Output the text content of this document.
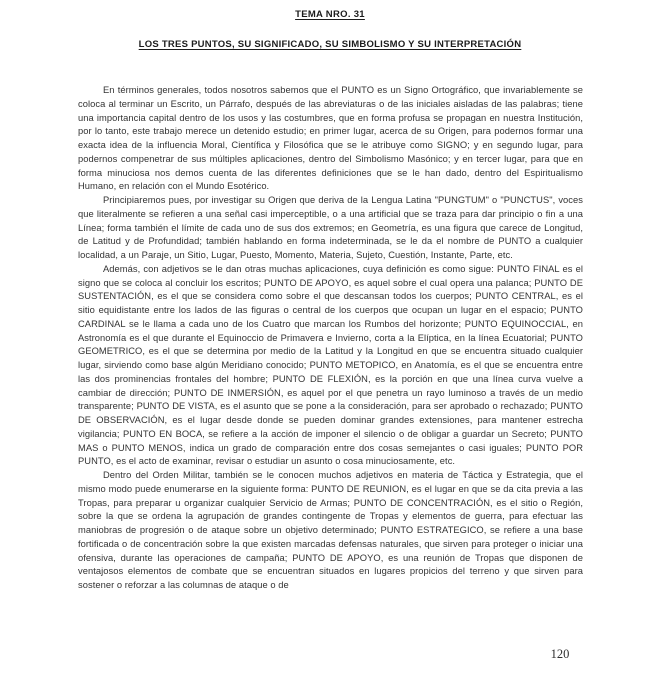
TEMA NRO. 31
LOS TRES PUNTOS, SU SIGNIFICADO, SU SIMBOLISMO Y SU INTERPRETACIÓN

En términos generales, todos nosotros sabemos que el PUNTO es un Signo Ortográfico, que invariablemente se coloca al terminar un Escrito, un Párrafo, después de las abreviaturas o de las iniciales aisladas de las palabras; tiene una importancia capital dentro de los usos y las costumbres, que en forma profusa se propagan en nuestra Institución, por lo tanto, este trabajo merece un detenido estudio; en primer lugar, acerca de su Origen, para podernos formar una exacta idea de la influencia Moral, Científica y Filosófica que se le atribuye como SIGNO; y en segundo lugar, para podernos compenetrar de sus múltiples aplicaciones, dentro del Simbolismo Masónico; y en tercer lugar, para que en forma minuciosa nos demos cuenta de las diferentes definiciones que se le han dado, dentro del Espiritualismo Humano, en relación con el Mundo Esotérico.

Principiaremos pues, por investigar su Origen que deriva de la Lengua Latina "PUNGTUM" o "PUNCTUS", voces que literalmente se refieren a una señal casi imperceptible, o a una artificial que se traza para dar principio o fin a una Línea; forma también el límite de cada uno de sus dos extremos; en Geometría, es una figura que carece de Longitud, de Latitud y de Profundidad; también hablando en forma indeterminada, se le da el nombre de PUNTO a cualquier localidad, a un Paraje, un Sitio, Lugar, Puesto, Momento, Materia, Sujeto, Cuestión, Instante, Parte, etc.

Además, con adjetivos se le dan otras muchas aplicaciones, cuya definición es como sigue: PUNTO FINAL es el signo que se coloca al concluir los escritos; PUNTO DE APOYO, es aquel sobre el cual opera una palanca; PUNTO DE SUSTENTACIÓN, es el que se considera como sobre el que descansan todos los cuerpos; PUNTO CENTRAL, es el sitio equidistante entre los lados de las figuras o central de los cuerpos que ocupan un lugar en el espacio; PUNTO CARDINAL se le llama a cada uno de los Cuatro que marcan los Rumbos del horizonte; PUNTO EQUINOCCIAL, en Astronomía es el que durante el Equinoccio de Primavera e Invierno, corta a la Elíptica, en la línea Ecuatorial; PUNTO GEOMETRICO, es el que se determina por medio de la Latitud y la Longitud en que se encuentra situado cualquier lugar, sirviendo como base algún Meridiano conocido; PUNTO METOPICO, en Anatomía, es el que se encuentra entre las dos prominencias frontales del hombre; PUNTO DE FLEXIÓN, es la porción en que una línea curva vuelve a cambiar de dirección; PUNTO DE INMERSIÓN, es aquel por el que penetra un rayo luminoso a través de un medio transparente; PUNTO DE VISTA, es el asunto que se pone a la consideración, para ser aprobado o rechazado; PUNTO DE OBSERVACIÓN, es el lugar desde donde se pueden dominar grandes extensiones, para mantener estrecha vigilancia; PUNTO EN BOCA, se refiere a la acción de imponer el silencio o de obligar a guardar un Secreto; PUNTO MAS o PUNTO MENOS, indica un grado de comparación entre dos cosas semejantes o casi iguales; PUNTO POR PUNTO, es el acto de examinar, revisar o estudiar un asunto o cosa minuciosamente, etc.

Dentro del Orden Militar, también se le conocen muchos adjetivos en materia de Táctica y Estrategia, que el mismo modo puede enumerarse en la siguiente forma: PUNTO DE REUNION, es el lugar en que se da cita previa a las Tropas, para preparar u organizar cualquier Servicio de Armas; PUNTO DE CONCENTRACIÓN, es el sitio o Región, sobre la que se ordena la agrupación de grandes contingente de Tropas y elementos de guerra, para efectuar las maniobras de progresión o de ataque sobre un objetivo determinado; PUNTO ESTRATEGICO, se refiere a una base fortificada o de concentración sobre la que existen marcadas defensas naturales, que sirven para proteger o iniciar una ofensiva, durante las operaciones de campaña; PUNTO DE APOYO, es una reunión de Tropas que disponen de ventajosos elementos de combate que se encuentran situados en lugares propicios del terreno y que sirven para sostener o reforzar a las columnas de ataque o de

120
